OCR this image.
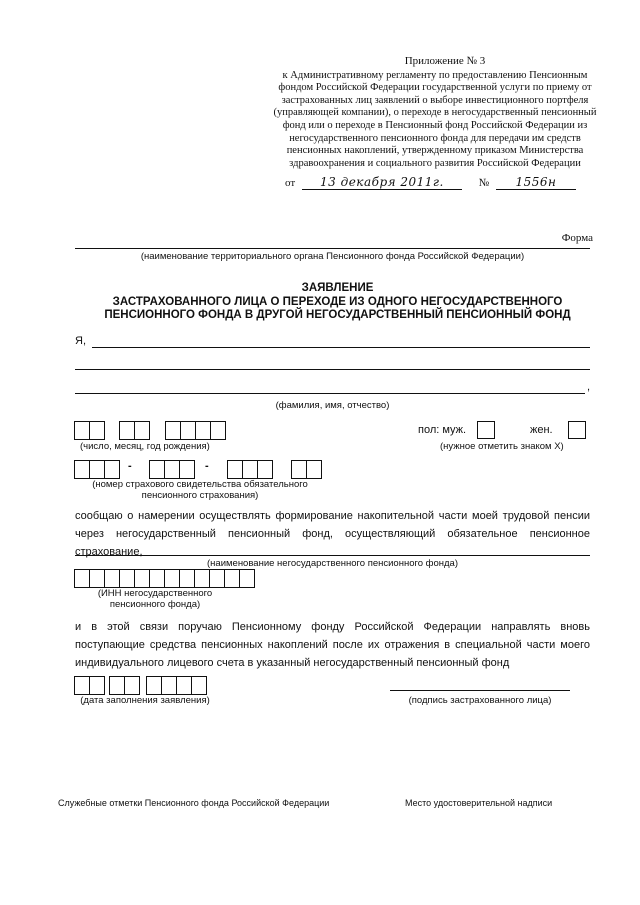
Приложение № 3
к Административному регламенту по предоставлению Пенсионным
фондом Российской Федерации государственной услуги по приему от
застрахованных лиц заявлений о выборе инвестиционного портфеля
(управляющей компании), о переходе в негосударственный пенсионный
фонд или о переходе в Пенсионный фонд Российской Федерации из
негосударственного пенсионного фонда для передачи им средств
пенсионных накоплений, утвержденному приказом Министерства
здравоохранения и социального развития Российской Федерации
от 13 декабря 2011г.	№ 1556н
Форма
(наименование территориального органа Пенсионного фонда Российской Федерации)
ЗАЯВЛЕНИЕ
ЗАСТРАХОВАННОГО ЛИЦА О ПЕРЕХОДЕ ИЗ ОДНОГО НЕГОСУДАРСТВЕННОГО
ПЕНСИОННОГО ФОНДА В ДРУГОЙ НЕГОСУДАРСТВЕННЫЙ ПЕНСИОННЫЙ ФОНД
Я,
,
(фамилия, имя, отчество)
(число, месяц, год рождения)
пол: муж.	жен.
(нужное отметить знаком Х)
-	-
(номер страхового свидетельства обязательного
пенсионного страхования)
сообщаю о намерении осуществлять формирование накопительной части моей трудовой пенсии через негосударственный пенсионный фонд, осуществляющий обязательное пенсионное страхование,
(наименование негосударственного пенсионного фонда)
(ИНН негосударственного
пенсионного фонда)
и в этой связи поручаю Пенсионному фонду Российской Федерации направлять вновь поступающие средства пенсионных накоплений после их отражения в специальной части моего индивидуального лицевого счета в указанный негосударственный пенсионный фонд
(дата заполнения заявления)	(подпись застрахованного лица)
Служебные отметки Пенсионного фонда Российской Федерации	Место удостоверительной надписи
